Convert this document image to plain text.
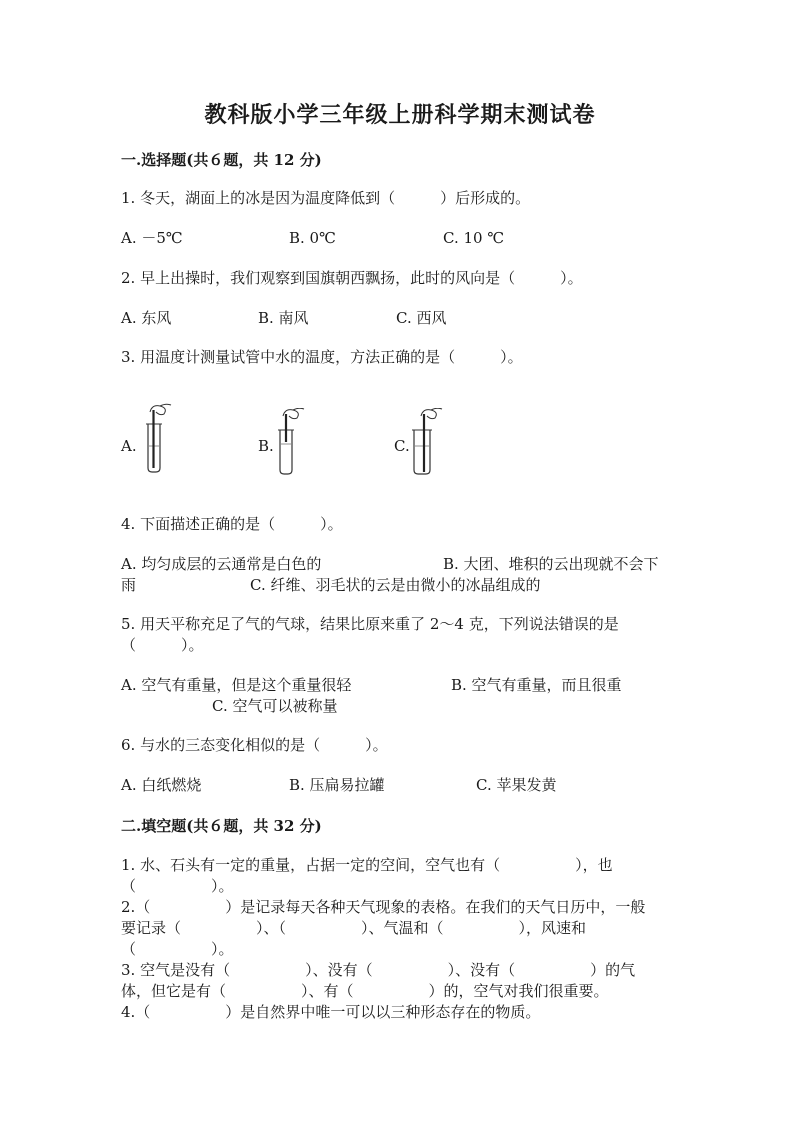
教科版小学三年级上册科学期末测试卷
一.选择题(共６题，共 12 分)
1. 冬天，湖面上的冰是因为温度降低到（　　　）后形成的。
A. －5℃	B. 0℃	C. 10 ℃
2. 早上出操时，我们观察到国旗朝西飘扬，此时的风向是（　　　）。
A. 东风	B. 南风	C. 西风
3. 用温度计测量试管中水的温度，方法正确的是（　　　）。
A.	B.	C.
4. 下面描述正确的是（　　　）。
A. 均匀成层的云通常是白色的	B. 大团、堆积的云出现就不会下
雨	C. 纤维、羽毛状的云是由微小的冰晶组成的
5. 用天平称充足了气的气球，结果比原来重了 2～4 克，下列说法错误的是
（　　　）。
A. 空气有重量，但是这个重量很轻	B. 空气有重量，而且很重
C. 空气可以被称量
6. 与水的三态变化相似的是（　　　）。
A. 白纸燃烧	B. 压扁易拉罐	C. 苹果发黄
二.填空题(共６题，共 32 分)
1. 水、石头有一定的重量，占据一定的空间，空气也有（　　　　　），也
（　　　　　）。
2.（　　　　　）是记录每天各种天气现象的表格。在我们的天气日历中，一般
要记录（　　　　　）、（　　　　　）、气温和（　　　　　），风速和
（　　　　　）。
3. 空气是没有（　　　　　）、没有（　　　　　）、没有（　　　　　）的气
体，但它是有（　　　　　）、有（　　　　　）的，空气对我们很重要。
4.（　　　　　）是自然界中唯一可以以三种形态存在的物质。
